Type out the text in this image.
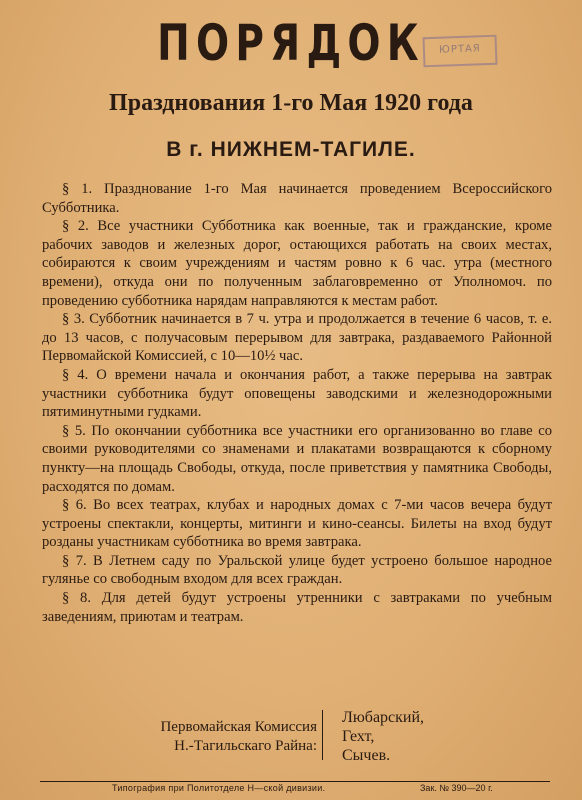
ПОРЯДОК	ЮРТАЯ
Празднования 1-го Мая 1920 года
В г. НИЖНЕМ-ТАГИЛЕ.

§ 1. Празднование 1-го Мая начинается проведением Всероссийского Субботника.

§ 2. Все участники Субботника как военные, так и гражданские, кроме рабочих заводов и железных дорог, остающихся работать на своих местах, собираются к своим учреждениям и частям ровно к 6 час. утра (местного времени), откуда они по полученным заблаговременно от Уполномоч. по проведению субботника нарядам направляются к местам работ.

§ 3. Субботник начинается в 7 ч. утра и продолжается в течение 6 часов, т. е. до 13 часов, с получасовым перерывом для завтрака, раздаваемого Районной Первомайской Комиссией, с 10—10½ час.

§ 4. О времени начала и окончания работ, а также перерыва на завтрак участники субботника будут оповещены заводскими и железнодорожными пятиминутными гудками.

§ 5. По окончании субботника все участники его организованно во главе со своими руководителями со знаменами и плакатами возвращаются к сборному пункту—на площадь Свободы, откуда, после приветствия у памятника Свободы, расходятся по домам.

§ 6. Во всех театрах, клубах и народных домах с 7-ми часов вечера будут устроены спектакли, концерты, митинги и кино-сеансы. Билеты на вход будут розданы участникам субботника во время завтрака.

§ 7. В Летнем саду по Уральской улице будет устроено большое народное гулянье со свободным входом для всех граждан.

§ 8. Для детей будут устроены утренники с завтраками по учебным заведениям, приютам и театрам.

Первомайская Комиссия
Н.-Тагильскаго Райна:
Любарский,
Гехт,
Сычев.
Типография при Политотделе Н—ской дивизии.	Зак. № 390—20 г.
